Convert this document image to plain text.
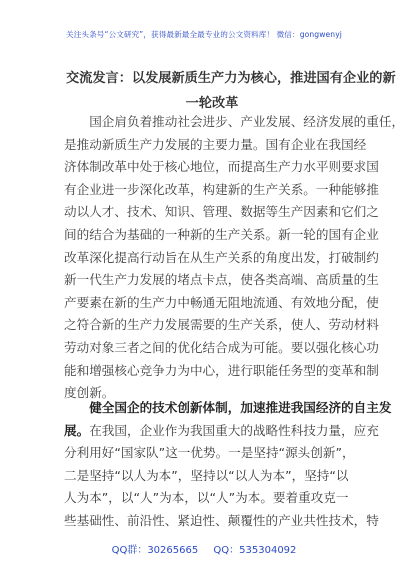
关注头条号“公文研究”，获得最新最全最专业的公文资料库！ 微信：gongwenyj
交流发言：以发展新质生产力为核心，推进国有企业的新
一轮改革
　　国企肩负着推动社会进步、产业发展、经济发展的重任，
是推动新质生产力发展的主要力量。国有企业在我国经
济体制改革中处于核心地位，而提高生产力水平则要求国
有企业进一步深化改革，构建新的生产关系。一种能够推
动以人才、技术、知识、管理、数据等生产因素和它们之
间的结合为基础的一种新的生产关系。新一轮的国有企业
改革深化提高行动旨在从生产关系的角度出发，打破制约
新一代生产力发展的堵点卡点，使各类高端、高质量的生
产要素在新的生产力中畅通无阻地流通、有效地分配，使
之符合新的生产力发展需要的生产关系，使人、劳动材料
劳动对象三者之间的优化结合成为可能。要以强化核心功
能和增强核心竞争力为中心，进行职能任务型的变革和制
度创新。
　　健全国企的技术创新体制，加速推进我国经济的自主发
展。在我国，企业作为我国重大的战略性科技力量，应充
分利用好“国家队”这一优势。一是坚持“源头创新”，
二是坚持“以人为本”，坚持以“以人为本”，坚持“以
人为本”，以“人”为本，以“人”为本。要着重攻克一
些基础性、前沿性、紧迫性、颠覆性的产业共性技术，特
QQ群：30265665 QQ：535304092
